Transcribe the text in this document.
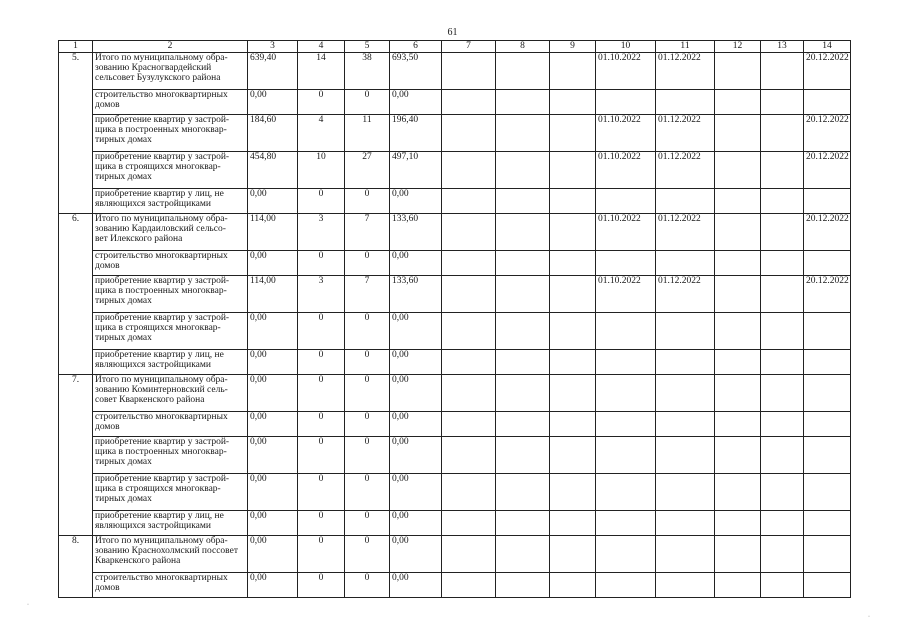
61
1	2	3	4	5	6	7	8	9	10	11	12	13	14
5.	Итого по муниципальному обра-
зованию Красногвардейский
сельсовет Бузулукского района	639,40	14	38	693,50				01.10.2022	01.12.2022			20.12.2022
	строительство многоквартирных
домов	0,00	0	0	0,00								
	приобретение квартир у застрой-
щика в построенных многоквар-
тирных домах	184,60	4	11	196,40				01.10.2022	01.12.2022			20.12.2022
	приобретение квартир у застрой-
щика в строящихся многоквар-
тирных домах	454,80	10	27	497,10				01.10.2022	01.12.2022			20.12.2022
	приобретение квартир у лиц, не
являющихся застройщиками	0,00	0	0	0,00								
6.	Итого по муниципальному обра-
зованию Кардаиловский сельсо-
вет Илекского района	114,00	3	7	133,60				01.10.2022	01.12.2022			20.12.2022
	строительство многоквартирных
домов	0,00	0	0	0,00								
	приобретение квартир у застрой-
щика в построенных многоквар-
тирных домах	114,00	3	7	133,60				01.10.2022	01.12.2022			20.12.2022
	приобретение квартир у застрой-
щика в строящихся многоквар-
тирных домах	0,00	0	0	0,00								
	приобретение квартир у лиц, не
являющихся застройщиками	0,00	0	0	0,00								
7.	Итого по муниципальному обра-
зованию Коминтерновский сель-
совет Кваркенского района	0,00	0	0	0,00								
	строительство многоквартирных
домов	0,00	0	0	0,00								
	приобретение квартир у застрой-
щика в построенных многоквар-
тирных домах	0,00	0	0	0,00								
	приобретение квартир у застрой-
щика в строящихся многоквар-
тирных домах	0,00	0	0	0,00								
	приобретение квартир у лиц, не
являющихся застройщиками	0,00	0	0	0,00								
8.	Итого по муниципальному обра-
зованию Краснохолмский поссовет
Кваркенского района	0,00	0	0	0,00								
	строительство многоквартирных
домов	0,00	0	0	0,00								
·
·
